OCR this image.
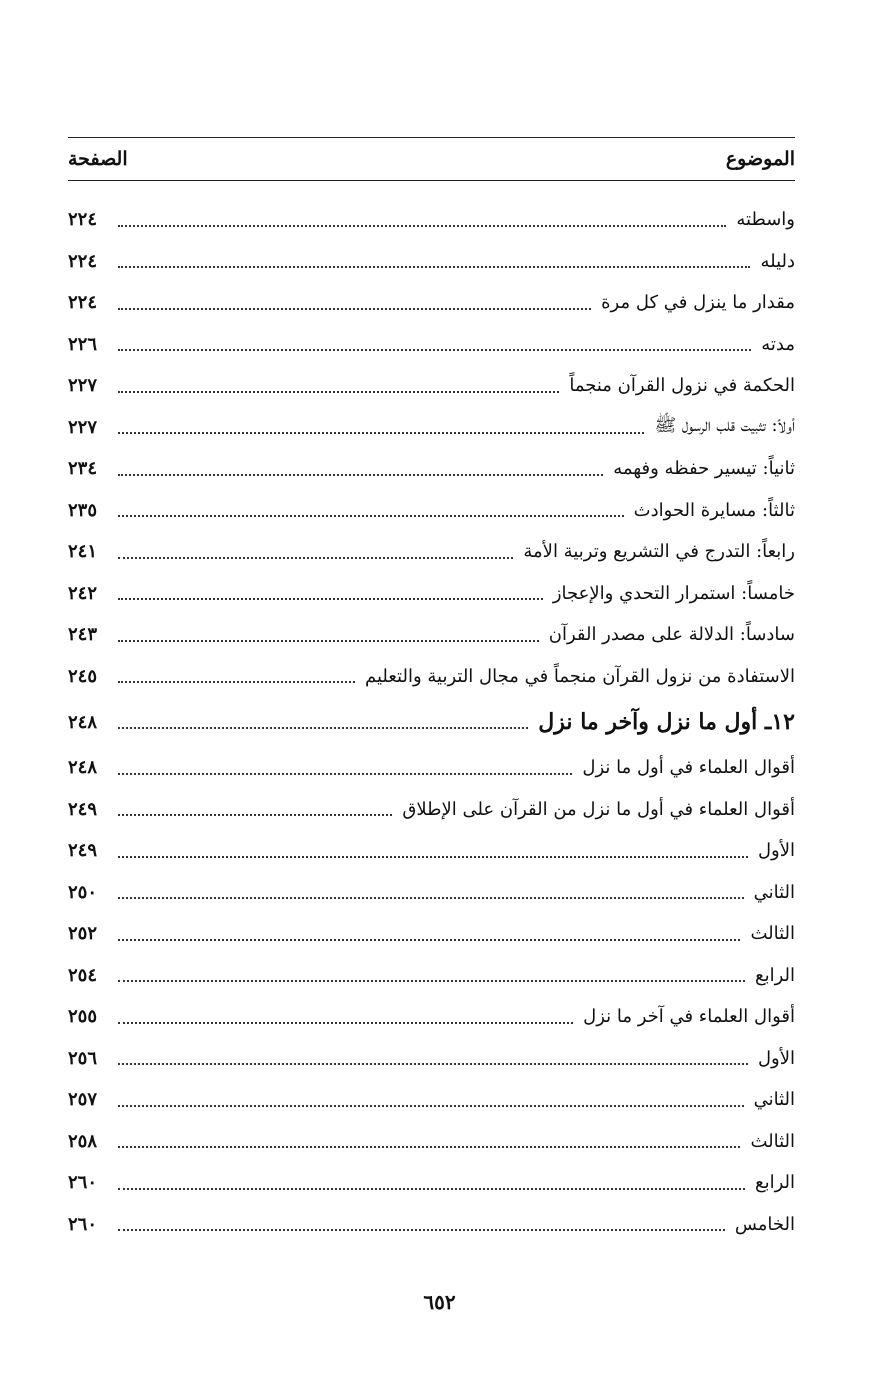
الموضوع
الصفحة
واسطته
٢٢٤
دليله
٢٢٤
مقدار ما ينزل في كل مرة
٢٢٤
مدته
٢٢٦
الحكمة في نزول القرآن منجماً
٢٢٧
أولاً: تثبيت قلب الرسول ﷺ
٢٢٧
ثانياً: تيسير حفظه وفهمه
٢٣٤
ثالثاً: مسايرة الحوادث
٢٣٥
رابعاً: التدرج في التشريع وتربية الأمة
٢٤١
خامساً: استمرار التحدي والإعجاز
٢٤٢
سادساً: الدلالة على مصدر القرآن
٢٤٣
الاستفادة من نزول القرآن منجماً في مجال التربية والتعليم
٢٤٥
١٢ـ أول ما نزل وآخر ما نزل
٢٤٨
أقوال العلماء في أول ما نزل
٢٤٨
أقوال العلماء في أول ما نزل من القرآن على الإطلاق
٢٤٩
الأول
٢٤٩
الثاني
٢٥٠
الثالث
٢٥٢
الرابع
٢٥٤
أقوال العلماء في آخر ما نزل
٢٥٥
الأول
٢٥٦
الثاني
٢٥٧
الثالث
٢٥٨
الرابع
٢٦٠
الخامس
٢٦٠
٦٥٢
